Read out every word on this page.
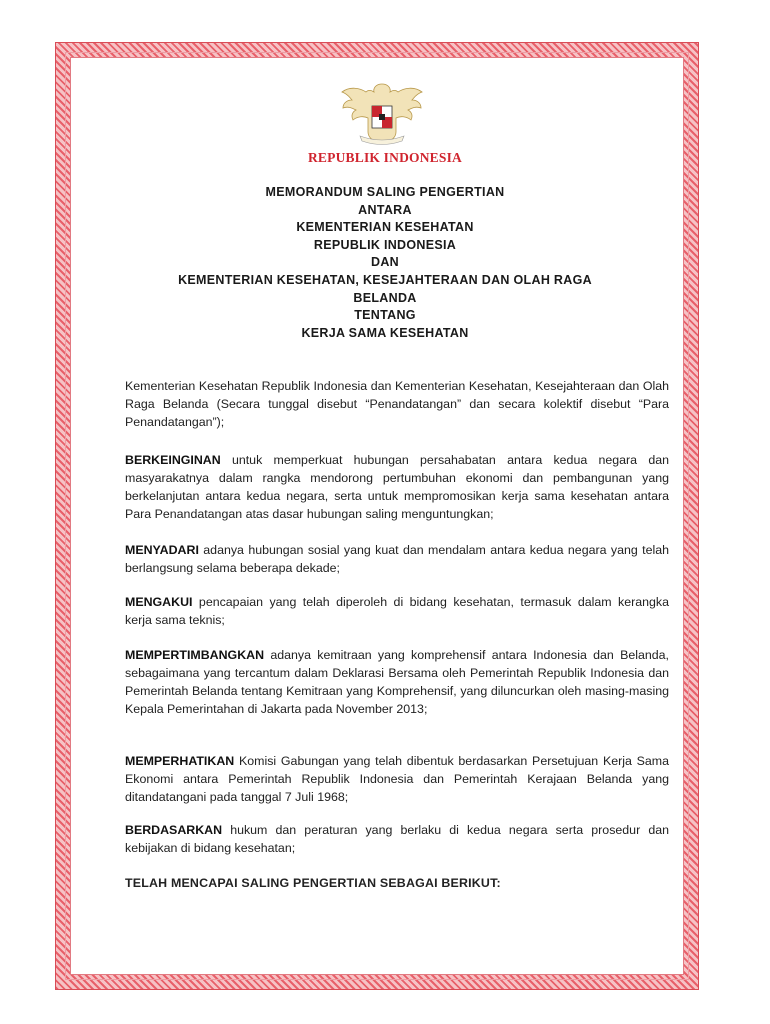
REPUBLIK INDONESIA
MEMORANDUM SALING PENGERTIAN
ANTARA
KEMENTERIAN KESEHATAN
REPUBLIK INDONESIA
DAN
KEMENTERIAN KESEHATAN, KESEJAHTERAAN DAN OLAH RAGA
BELANDA
TENTANG
KERJA SAMA KESEHATAN

Kementerian Kesehatan Republik Indonesia dan Kementerian Kesehatan, Kesejahteraan dan Olah Raga Belanda (Secara tunggal disebut “Penandatangan” dan secara kolektif disebut “Para Penandatangan”);

BERKEINGINAN untuk memperkuat hubungan persahabatan antara kedua negara dan masyarakatnya dalam rangka mendorong pertumbuhan ekonomi dan pembangunan yang berkelanjutan antara kedua negara, serta untuk mempromosikan kerja sama kesehatan antara Para Penandatangan atas dasar hubungan saling menguntungkan;

MENYADARI adanya hubungan sosial yang kuat dan mendalam antara kedua negara yang telah berlangsung selama beberapa dekade;

MENGAKUI pencapaian yang telah diperoleh di bidang kesehatan, termasuk dalam kerangka kerja sama teknis;

MEMPERTIMBANGKAN adanya kemitraan yang komprehensif antara Indonesia dan Belanda, sebagaimana yang tercantum dalam Deklarasi Bersama oleh Pemerintah Republik Indonesia dan Pemerintah Belanda tentang Kemitraan yang Komprehensif, yang diluncurkan oleh masing-masing Kepala Pemerintahan di Jakarta pada November 2013;

MEMPERHATIKAN Komisi Gabungan yang telah dibentuk berdasarkan Persetujuan Kerja Sama Ekonomi antara Pemerintah Republik Indonesia dan Pemerintah Kerajaan Belanda yang ditandatangani pada tanggal 7 Juli 1968;

BERDASARKAN hukum dan peraturan yang berlaku di kedua negara serta prosedur dan kebijakan di bidang kesehatan;

TELAH MENCAPAI SALING PENGERTIAN SEBAGAI BERIKUT:
